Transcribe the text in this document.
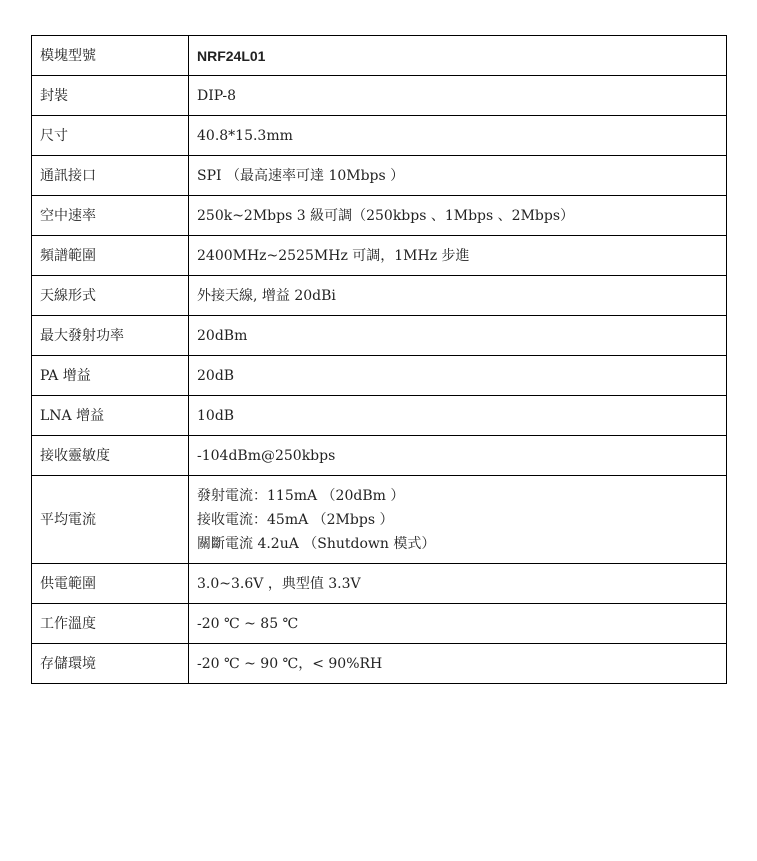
模塊型號	NRF24L01
封裝	DIP-8
尺寸	40.8*15.3mm
通訊接口	SPI （最高速率可達 10Mbps ）
空中速率	250k~2Mbps 3 級可調（250kbps 、1Mbps 、2Mbps）
頻譜範圍	2400MHz~2525MHz 可調，1MHz 步進
天線形式	外接天線, 增益 20dBi
最大發射功率	20dBm
PA 增益	20dB
LNA 增益	10dB
接收靈敏度	-104dBm@250kbps
平均電流	發射電流：115mA （20dBm ）
接收電流：45mA （2Mbps ）
關斷電流 4.2uA （Shutdown 模式）

供電範圍	3.0~3.6V ，典型值 3.3V
工作溫度	-20 ℃ ~ 85 ℃
存儲環境	-20 ℃ ~ 90 ℃，< 90%RH
